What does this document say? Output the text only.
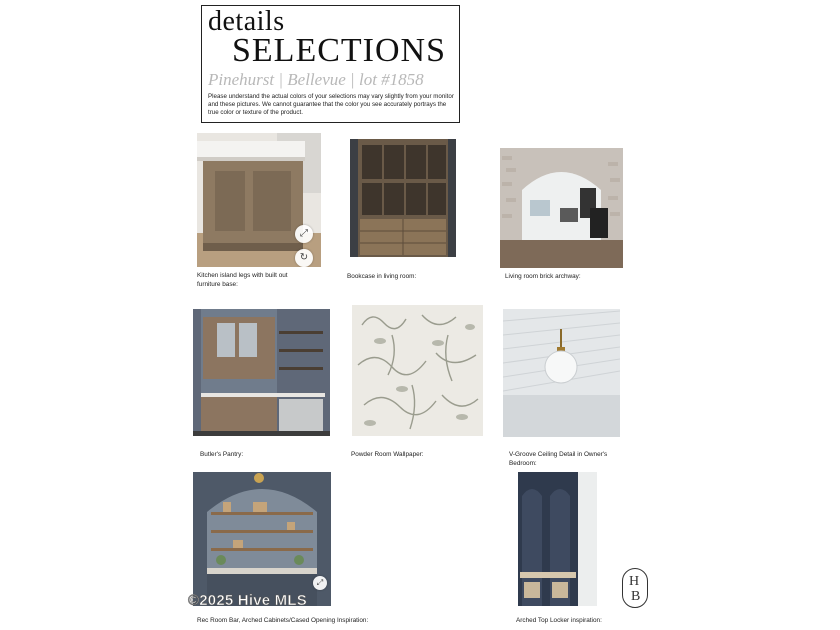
details
SELECTIONS
Pinehurst | Bellevue | lot #1858
Please understand the actual colors of your selections may vary slightly from your monitor and these pictures. We cannot guarantee that the color you see accurately portrays the true color or texture of the product.
⤢
↻
Kitchen island legs with built out furniture base:
Bookcase in living room:	Living room brick archway:
Butler's Pantry:	Powder Room Wallpaper:	V-Groove Ceiling Detail in Owner's Bedroom:
⤢
Rec Room Bar, Arched Cabinets/Cased Opening Inspiration:	Arched Top Locker inspiration:
©2025 Hive MLS
H
B
